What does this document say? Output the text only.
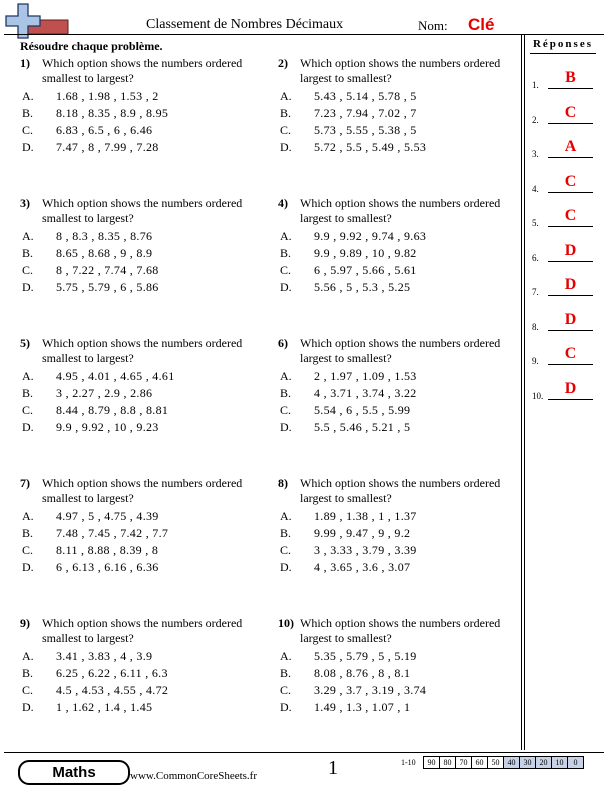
Classement de Nombres Décimaux	Nom: Clé
Résoudre chaque problème.
1) Which option shows the numbers ordered smallest to largest?
A. 1.68 , 1.98 , 1.53 , 2
B. 8.18 , 8.35 , 8.9 , 8.95
C. 6.83 , 6.5 , 6 , 6.46
D. 7.47 , 8 , 7.99 , 7.28
2) Which option shows the numbers ordered largest to smallest?
A. 5.43 , 5.14 , 5.78 , 5
B. 7.23 , 7.94 , 7.02 , 7
C. 5.73 , 5.55 , 5.38 , 5
D. 5.72 , 5.5 , 5.49 , 5.53
3) Which option shows the numbers ordered smallest to largest?
A. 8 , 8.3 , 8.35 , 8.76
B. 8.65 , 8.68 , 9 , 8.9
C. 8 , 7.22 , 7.74 , 7.68
D. 5.75 , 5.79 , 6 , 5.86
4) Which option shows the numbers ordered largest to smallest?
A. 9.9 , 9.92 , 9.74 , 9.63
B. 9.9 , 9.89 , 10 , 9.82
C. 6 , 5.97 , 5.66 , 5.61
D. 5.56 , 5 , 5.3 , 5.25
5) Which option shows the numbers ordered smallest to largest?
A. 4.95 , 4.01 , 4.65 , 4.61
B. 3 , 2.27 , 2.9 , 2.86
C. 8.44 , 8.79 , 8.8 , 8.81
D. 9.9 , 9.92 , 10 , 9.23
6) Which option shows the numbers ordered largest to smallest?
A. 2 , 1.97 , 1.09 , 1.53
B. 4 , 3.71 , 3.74 , 3.22
C. 5.54 , 6 , 5.5 , 5.99
D. 5.5 , 5.46 , 5.21 , 5
7) Which option shows the numbers ordered smallest to largest?
A. 4.97 , 5 , 4.75 , 4.39
B. 7.48 , 7.45 , 7.42 , 7.7
C. 8.11 , 8.88 , 8.39 , 8
D. 6 , 6.13 , 6.16 , 6.36
8) Which option shows the numbers ordered largest to smallest?
A. 1.89 , 1.38 , 1 , 1.37
B. 9.99 , 9.47 , 9 , 9.2
C. 3 , 3.33 , 3.79 , 3.39
D. 4 , 3.65 , 3.6 , 3.07
9) Which option shows the numbers ordered smallest to largest?
A. 3.41 , 3.83 , 4 , 3.9
B. 6.25 , 6.22 , 6.11 , 6.3
C. 4.5 , 4.53 , 4.55 , 4.72
D. 1 , 1.62 , 1.4 , 1.45
10) Which option shows the numbers ordered largest to smallest?
A. 5.35 , 5.79 , 5 , 5.19
B. 8.08 , 8.76 , 8 , 8.1
C. 3.29 , 3.7 , 3.19 , 3.74
D. 1.49 , 1.3 , 1.07 , 1
Réponses
1.	B
2.	C
3.	A
4.	C
5.	C
6.	D
7.	D
8.	D
9.	C
10.	D
Maths	www.CommonCoreSheets.fr	1	1-10	90	80	70	60	50	40	30	20	10	0
